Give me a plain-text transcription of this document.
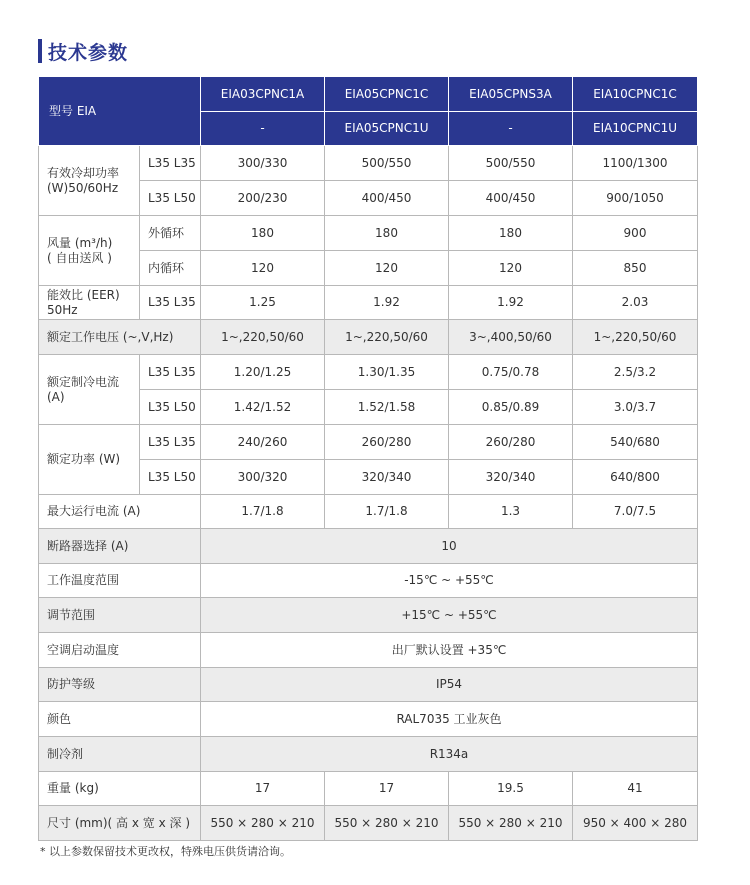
技术参数
型号 EIA		EIA03CPNC1A	EIA05CPNC1C	EIA05CPNS3A	EIA10CPNC1C
		-	EIA05CPNC1U	-	EIA10CPNC1U
有效冷却功率
(W)50/60Hz	L35 L35	300/330	500/550	500/550	1100/1300
	L35 L50	200/230	400/450	400/450	900/1050
风量 (m³/h)
( 自由送风 )	外循环	180	180	180	900
	内循环	120	120	120	850
能效比 (EER)
50Hz	L35 L35	1.25	1.92	1.92	2.03
额定工作电压 (~,V,Hz)		1~,220,50/60	1~,220,50/60	3~,400,50/60	1~,220,50/60
额定制冷电流
(A)	L35 L35	1.20/1.25	1.30/1.35	0.75/0.78	2.5/3.2
	L35 L50	1.42/1.52	1.52/1.58	0.85/0.89	3.0/3.7
额定功率 (W)	L35 L35	240/260	260/280	260/280	540/680
	L35 L50	300/320	320/340	320/340	640/800
最大运行电流 (A)		1.7/1.8	1.7/1.8	1.3	7.0/7.5
断路器选择 (A)		10			
工作温度范围		-15℃ ~ +55℃			
调节范围		+15℃ ~ +55℃			
空调启动温度		出厂默认设置 +35℃			
防护等级		IP54			
颜色		RAL7035 工业灰色			
制冷剂		R134a			
重量 (kg)		17	17	19.5	41
尺寸 (mm)( 高 x 宽 x 深 )		550 × 280 × 210	550 × 280 × 210	550 × 280 × 210	950 × 400 × 280
* 以上参数保留技术更改权，特殊电压供货请洽询。
